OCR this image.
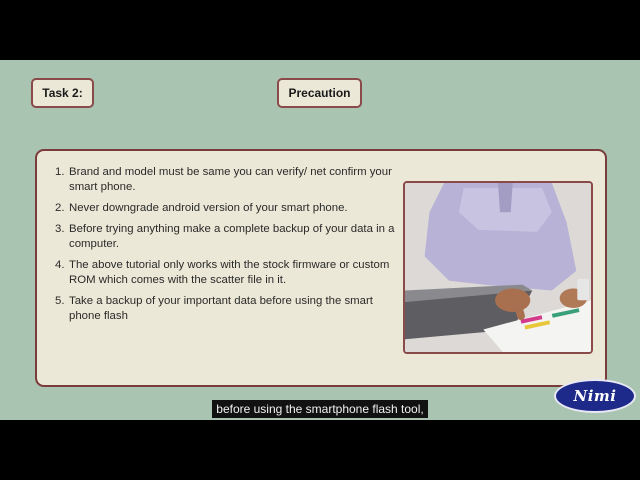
Task 2:	Precaution
1. Brand and model must be same you can verify/ net confirm your smart phone.
2. Never downgrade android version of your smart phone.
3. Before trying anything make a complete backup of your data in a computer.
4. The above tutorial only works with the stock firmware or custom ROM which comes with the scatter file in it.
5. Take a backup of your important data before using the smart phone flash
Nimi
before using the smartphone flash tool,
